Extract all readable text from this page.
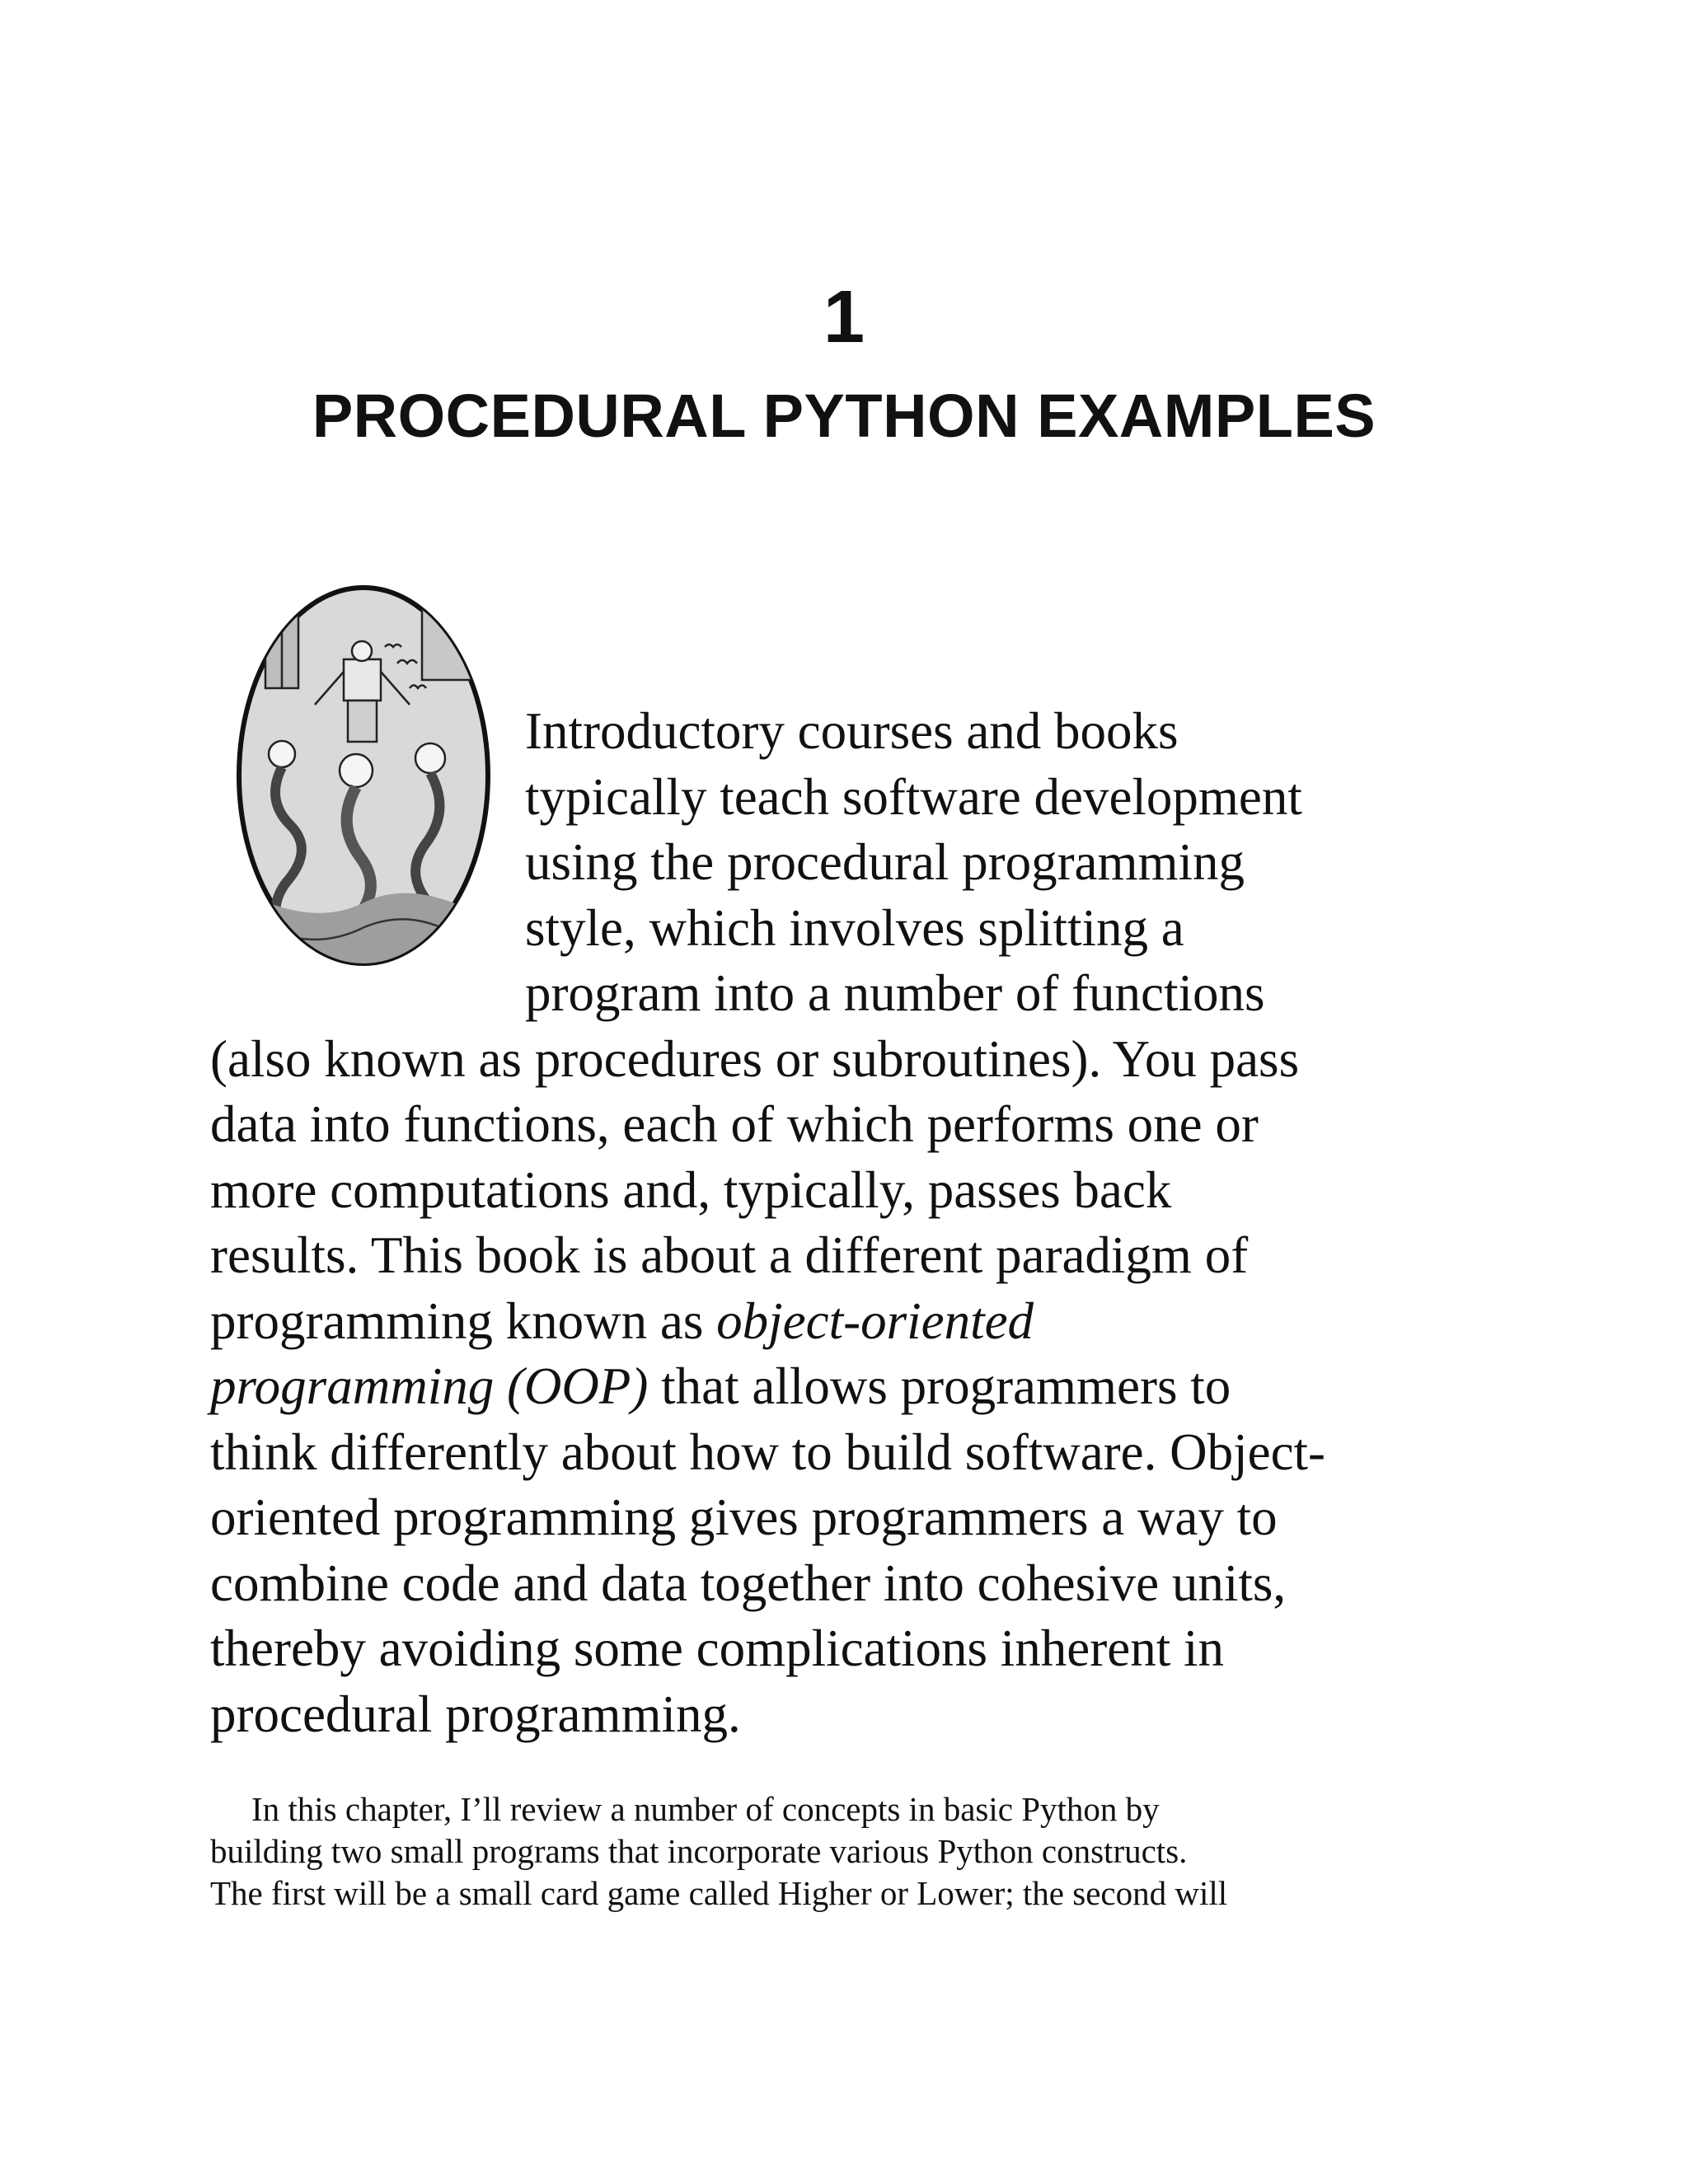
1
PROCEDURAL PYTHON EXAMPLES

Introductory courses and books
typically teach software development
using the procedural programming
style, which involves splitting a
program into a number of functions
(also known as procedures or subroutines). You pass
data into functions, each of which performs one or
more computations and, typically, passes back
results. This book is about a different paradigm of
programming known as object-oriented
programming (OOP) that allows programmers to
think differently about how to build software. Object-
oriented programming gives programmers a way to
combine code and data together into cohesive units,
thereby avoiding some complications inherent in
procedural programming.

In this chapter, I’ll review a number of concepts in basic Python by
building two small programs that incorporate various Python constructs.
The first will be a small card game called Higher or Lower; the second will
